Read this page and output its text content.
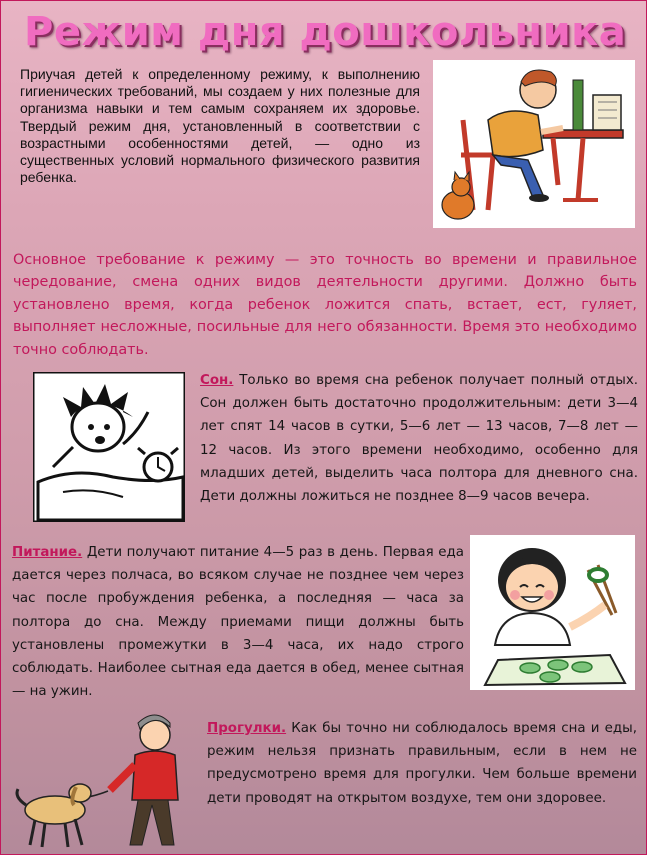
Режим дня дошкольника

Приучая детей к определенному режиму, к выполнению гигиенических требований, мы создаем у них полезные для организма навыки и тем самым сохраняем их здоровье. Твердый режим дня, установленный в соответствии с возрастными особенностями детей, — одно из существенных условий нормального физического развития ребенка.

Основное требование к режиму — это точность во времени и правильное чередование, смена одних видов деятельности другими. Должно быть установлено время, когда ребенок ложится спать, встает, ест, гуляет, выполняет несложные, посильные для него обязанности. Время это необходимо точно соблюдать.

Сон. Только во время сна ребенок получает полный отдых. Сон должен быть достаточно продолжительным: дети 3—4 лет спят 14 часов в сутки, 5—6 лет — 13 часов, 7—8 лет — 12 часов. Из этого времени необходимо, особенно для младших детей, выделить часа полтора для дневного сна. Дети должны ложиться не позднее 8—9 часов вечера.

Питание. Дети получают питание 4—5 раз в день. Первая еда дается через полчаса, во всяком случае не позднее чем через час после пробуждения ребенка, а последняя — часа за полтора до сна. Между приемами пищи должны быть установлены промежутки в 3—4 часа, их надо строго соблюдать. Наиболее сытная еда дается в обед, менее сытная — на ужин.

Прогулки. Как бы точно ни соблюдалось время сна и еды, режим нельзя признать правильным, если в нем не предусмотрено время для прогулки. Чем больше времени дети проводят на открытом воздухе, тем они здоровее.
